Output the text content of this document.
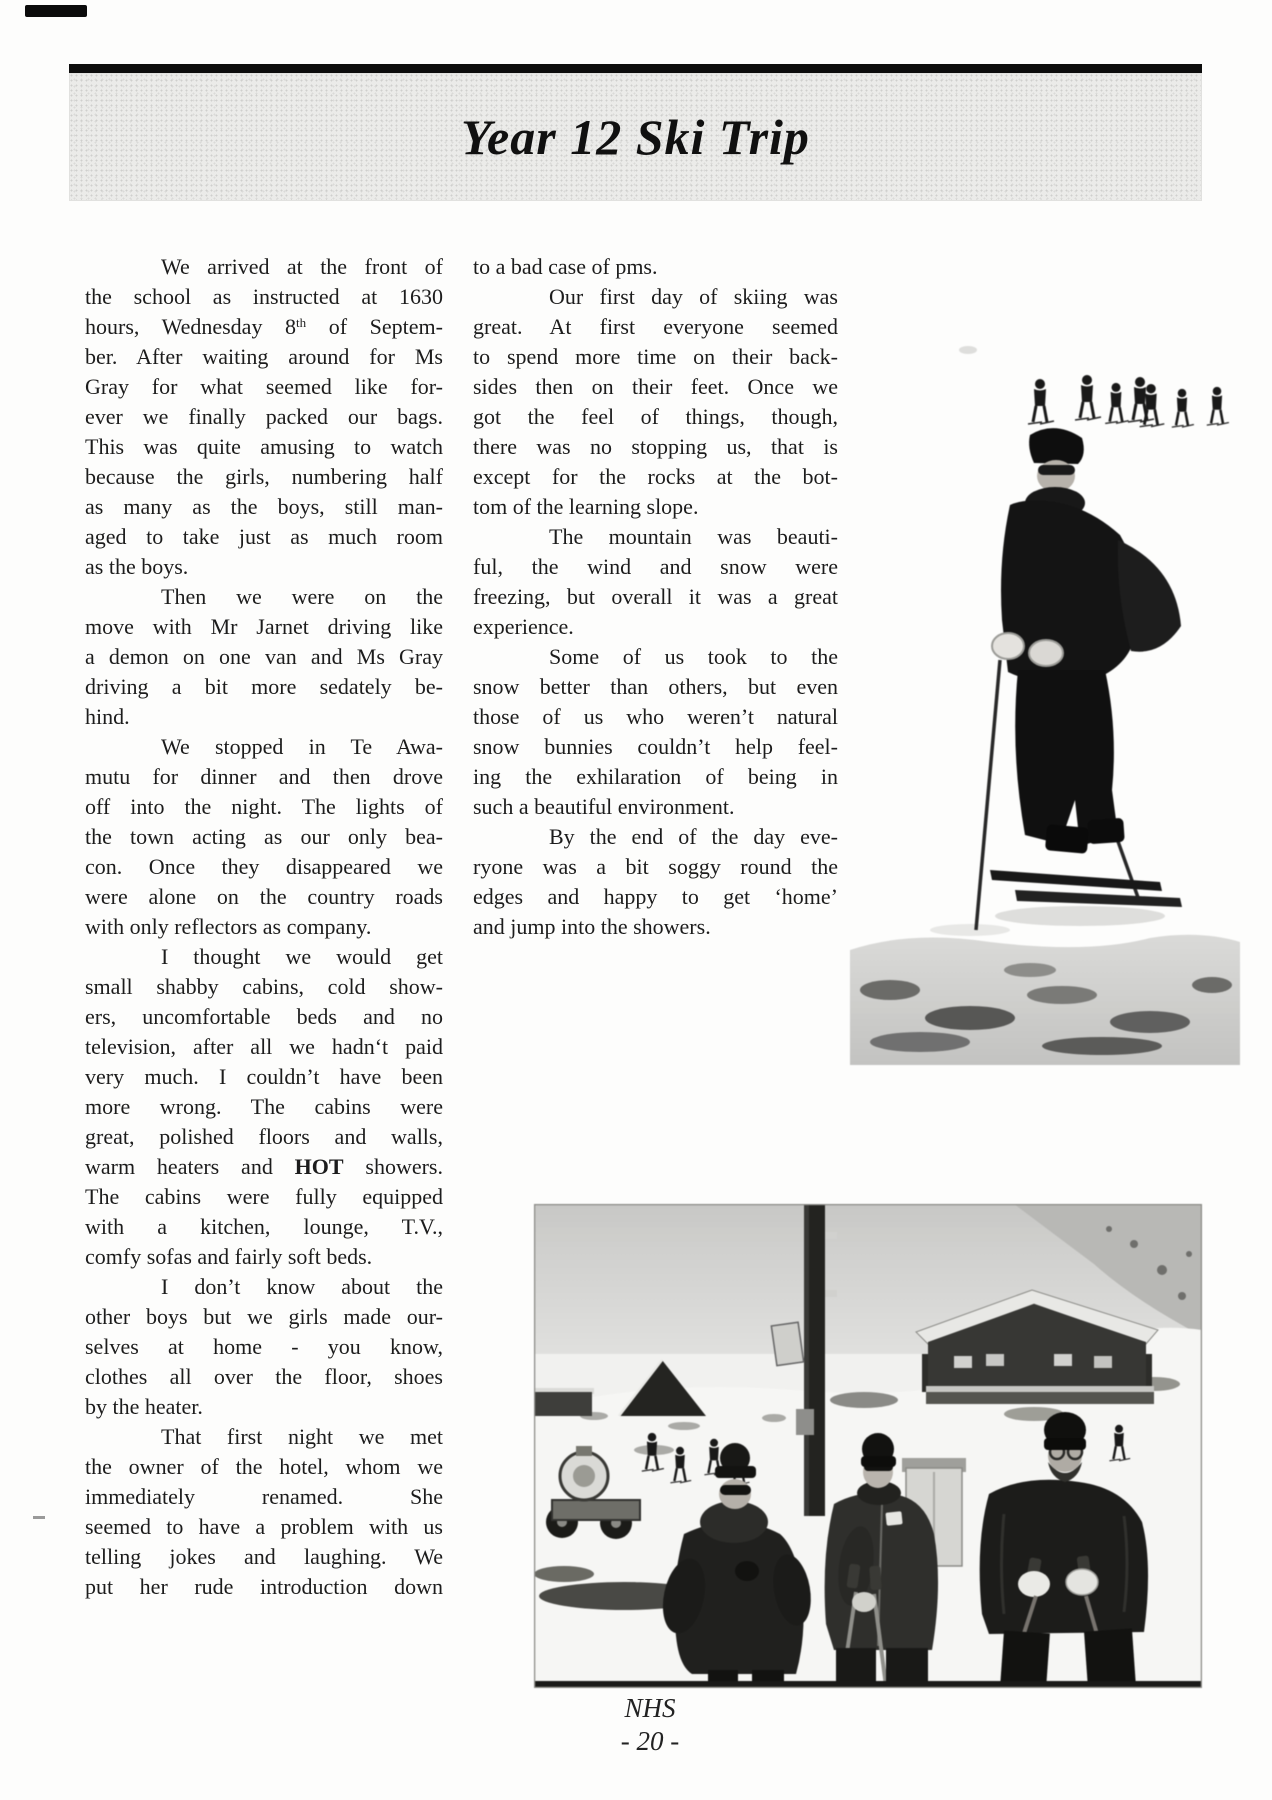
Year 12 Ski Trip
We arrived at the front of
the school as instructed at 1630
hours, Wednesday 8th of Septem-
ber. After waiting around for Ms
Gray for what seemed like for-
ever we finally packed our bags.
This was quite amusing to watch
because the girls, numbering half
as many as the boys, still man-
aged to take just as much room
as the boys.
Then we were on the
move with Mr Jarnet driving like
a demon on one van and Ms Gray
driving a bit more sedately be-
hind.
We stopped in Te Awa-
mutu for dinner and then drove
off into the night. The lights of
the town acting as our only bea-
con. Once they disappeared we
were alone on the country roads
with only reflectors as company.
I thought we would get
small shabby cabins, cold show-
ers, uncomfortable beds and no
television, after all we hadn‘t paid
very much. I couldn’t have been
more wrong. The cabins were
great, polished floors and walls,
warm heaters and HOT showers.
The cabins were fully equipped
with a kitchen, lounge, T.V.,
comfy sofas and fairly soft beds.
I don’t know about the
other boys but we girls made our-
selves at home - you know,
clothes all over the floor, shoes
by the heater.
That first night we met
the owner of the hotel, whom we
immediately renamed. She
seemed to have a problem with us
telling jokes and laughing. We
put her rude introduction down
to a bad case of pms.
Our first day of skiing was
great. At first everyone seemed
to spend more time on their back-
sides then on their feet. Once we
got the feel of things, though,
there was no stopping us, that is
except for the rocks at the bot-
tom of the learning slope.
The mountain was beauti-
ful, the wind and snow were
freezing, but overall it was a great
experience.
Some of us took to the
snow better than others, but even
those of us who weren’t natural
snow bunnies couldn’t help feel-
ing the exhilaration of being in
such a beautiful environment.
By the end of the day eve-
ryone was a bit soggy round the
edges and happy to get ‘home’
and jump into the showers.
NHS
- 20 -
